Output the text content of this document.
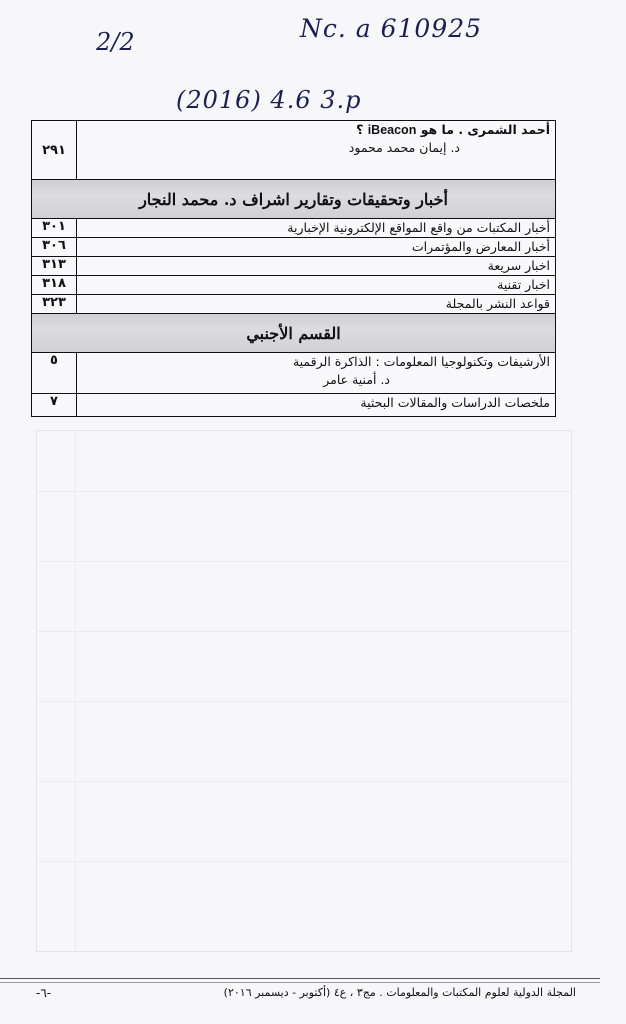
2/2	Nc. a 610925
(2016) 4.6 3.p
أحمد الشمرى . ما هو iBeacon ؟
د. إيمان محمد محمود	٢٩١
أخبار وتحقيقات وتقارير اشراف د. محمد النجار	
أخبار المكتبات من واقع المواقع الإلكترونية الإخبارية	٣٠١
أخبار المعارض والمؤتمرات	٣٠٦
اخبار سريعة	٣١٣
اخبار تقنية	٣١٨
قواعد النشر بالمجلة	٣٢٣
القسم الأجنبي	
الأرشيفات وتكنولوجيا المعلومات : الذاكرة الرقمية
د. أمنية عامر	٥
ملخصات الدراسات والمقالات البحثية	٧
المجلة الدولية لعلوم المكتبات والمعلومات . مج٣ ، ع٤ (أكتوبر - ديسمبر ٢٠١٦)
-٦-
